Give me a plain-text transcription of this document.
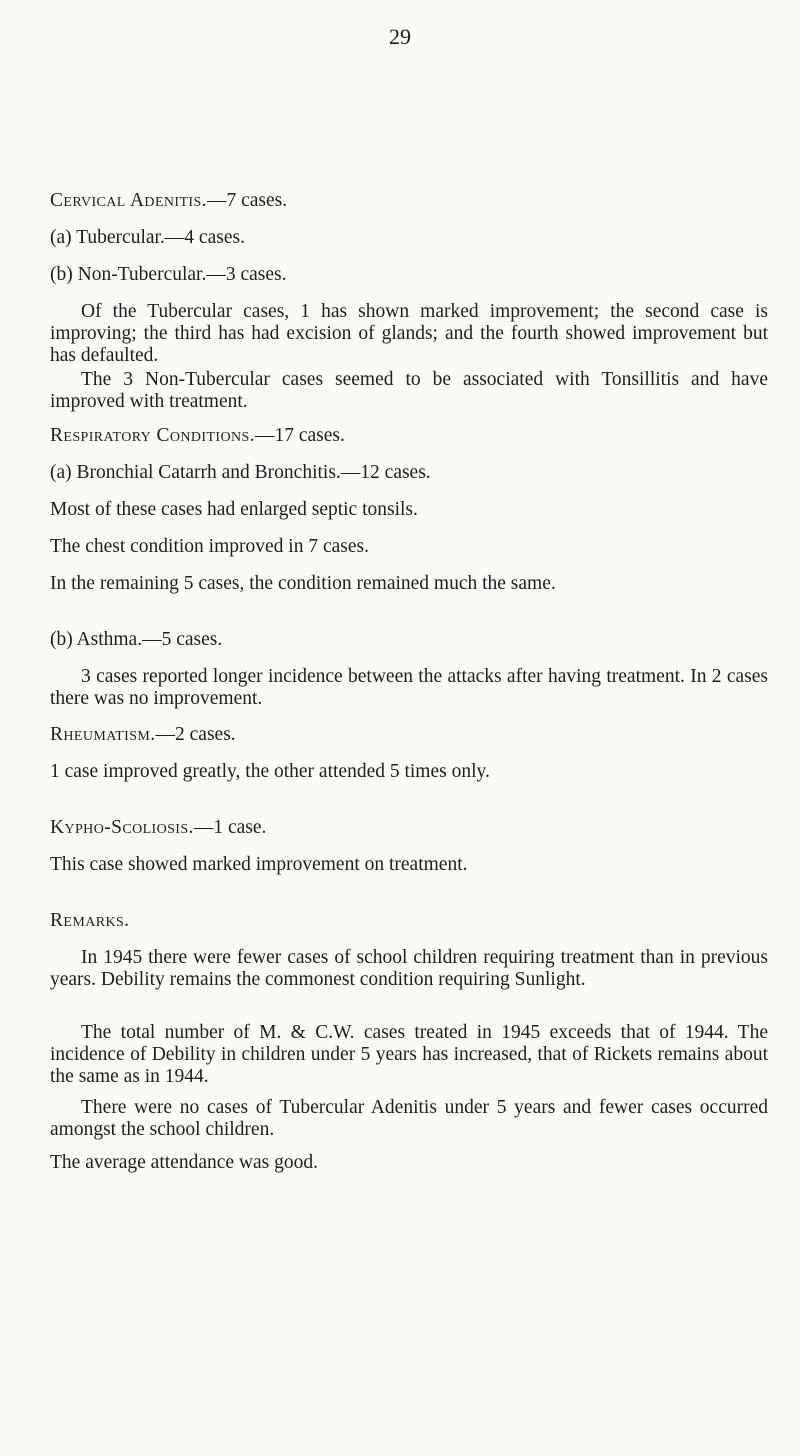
29
Cervical Adenitis.—7 cases.
(a) Tubercular.—4 cases.
(b) Non-Tubercular.—3 cases.
Of the Tubercular cases, 1 has shown marked improvement; the second case is improving; the third has had excision of glands; and the fourth showed improvement but has defaulted.
The 3 Non-Tubercular cases seemed to be associated with Tonsillitis and have improved with treatment.
Respiratory Conditions.—17 cases.
(a) Bronchial Catarrh and Bronchitis.—12 cases.
Most of these cases had enlarged septic tonsils.
The chest condition improved in 7 cases.
In the remaining 5 cases, the condition remained much the same.
(b) Asthma.—5 cases.
3 cases reported longer incidence between the attacks after having treatment. In 2 cases there was no improvement.
Rheumatism.—2 cases.
1 case improved greatly, the other attended 5 times only.
Kypho-Scoliosis.—1 case.
This case showed marked improvement on treatment.
Remarks.
In 1945 there were fewer cases of school children requiring treatment than in previous years. Debility remains the commonest condition requiring Sunlight.
The total number of M. & C.W. cases treated in 1945 exceeds that of 1944. The incidence of Debility in children under 5 years has increased, that of Rickets remains about the same as in 1944.
There were no cases of Tubercular Adenitis under 5 years and fewer cases occurred amongst the school children.
The average attendance was good.
